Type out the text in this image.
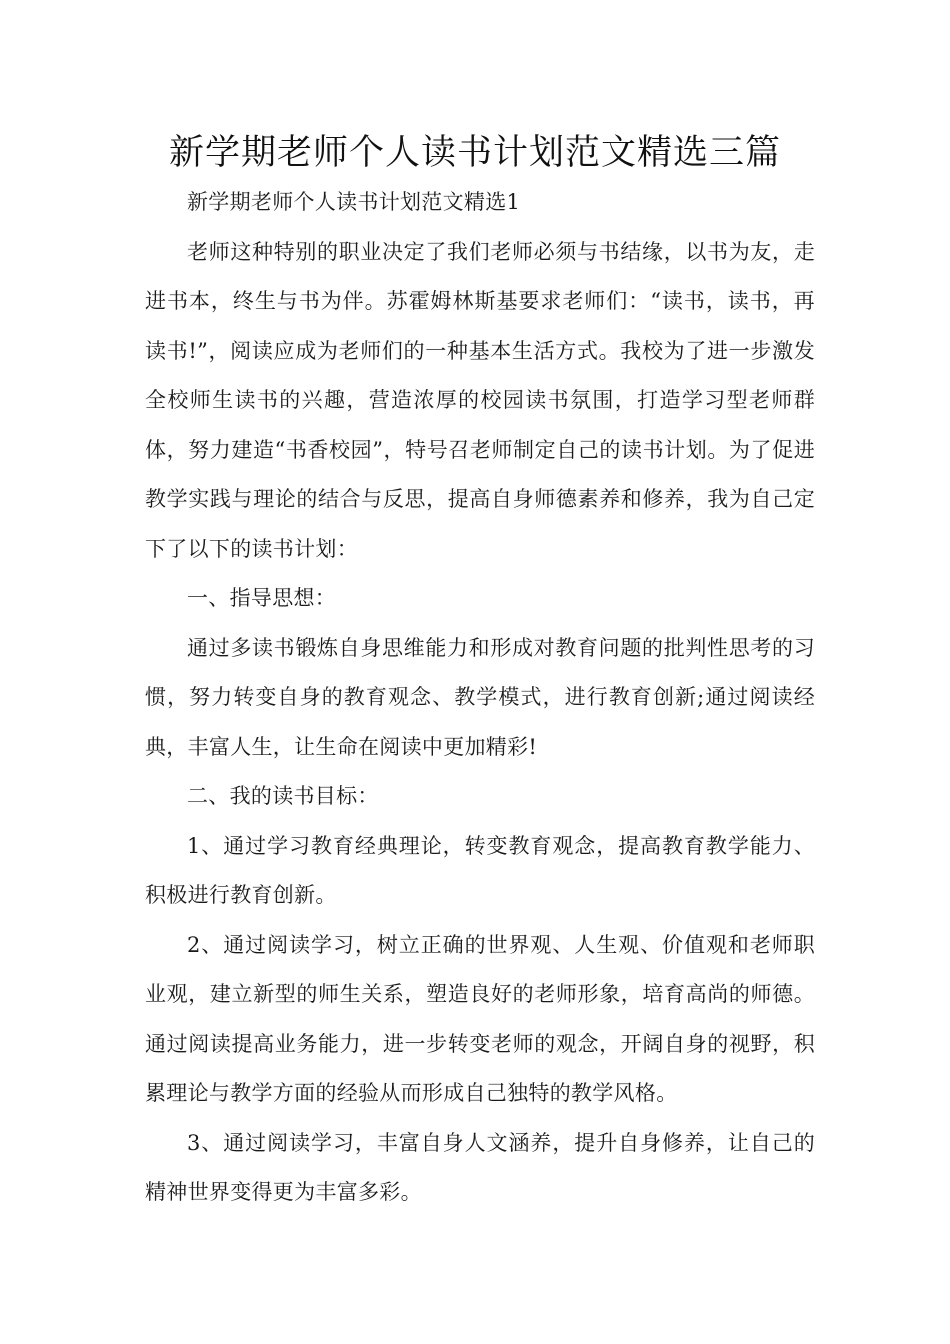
新学期老师个人读书计划范文精选三篇

新学期老师个人读书计划范文精选1

老师这种特别的职业决定了我们老师必须与书结缘，以书为友，走进书本，终生与书为伴。苏霍姆林斯基要求老师们：“读书，读书，再读书!”，阅读应成为老师们的一种基本生活方式。我校为了进一步激发全校师生读书的兴趣，营造浓厚的校园读书氛围，打造学习型老师群体，努力建造“书香校园”，特号召老师制定自己的读书计划。为了促进教学实践与理论的结合与反思，提高自身师德素养和修养，我为自己定下了以下的读书计划：

一、指导思想：

通过多读书锻炼自身思维能力和形成对教育问题的批判性思考的习惯，努力转变自身的教育观念、教学模式，进行教育创新;通过阅读经典，丰富人生，让生命在阅读中更加精彩!

二、我的读书目标：

1、通过学习教育经典理论，转变教育观念，提高教育教学能力、积极进行教育创新。

2、通过阅读学习，树立正确的世界观、人生观、价值观和老师职业观，建立新型的师生关系，塑造良好的老师形象，培育高尚的师德。通过阅读提高业务能力，进一步转变老师的观念，开阔自身的视野，积累理论与教学方面的经验从而形成自己独特的教学风格。

3、通过阅读学习，丰富自身人文涵养，提升自身修养，让自己的精神世界变得更为丰富多彩。
